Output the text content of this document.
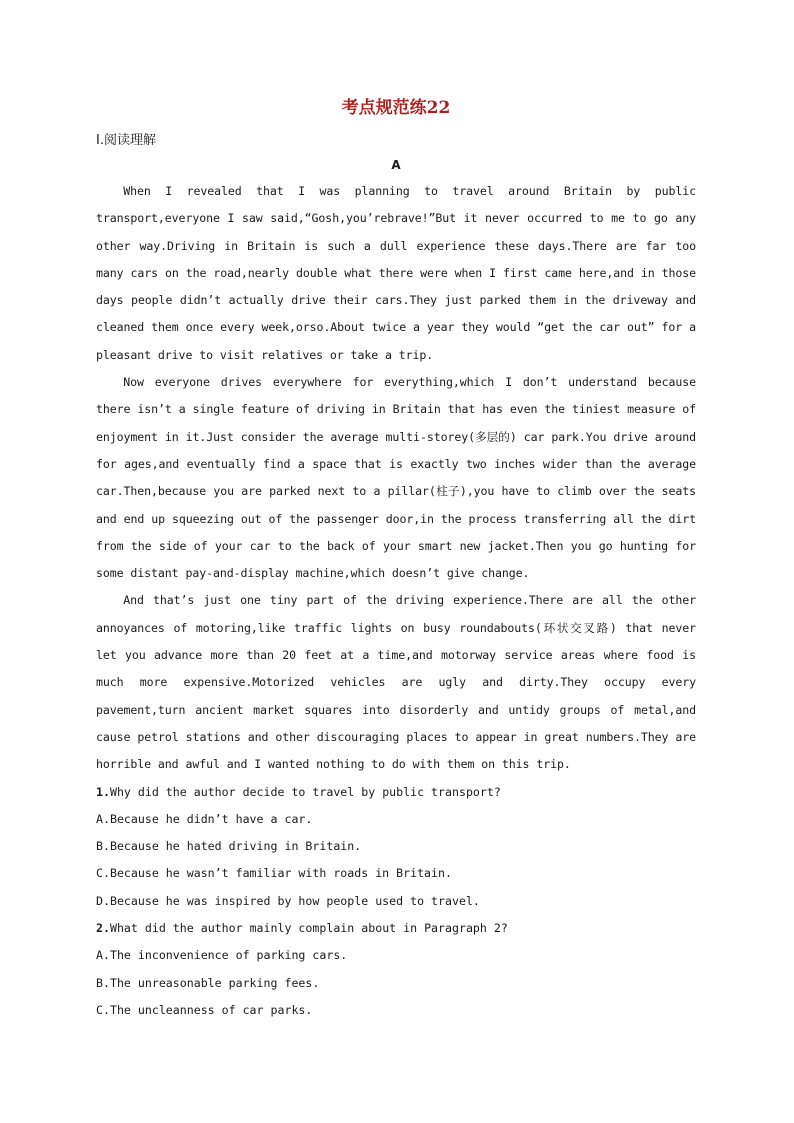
考点规范练22
Ⅰ.阅读理解
A

When I revealed that I was planning to travel around Britain by public transport,everyone I saw said,“Gosh,you’rebrave!”But it never occurred to me to go any other way.Driving in Britain is such a dull experience these days.There are far too many cars on the road,nearly double what there were when I first came here,and in those days people didn’t actually drive their cars.They just parked them in the driveway and cleaned them once every week,orso.About twice a year they would “get the car out” for a pleasant drive to visit relatives or take a trip.

Now everyone drives everywhere for everything,which I don’t understand because there isn’t a single feature of driving in Britain that has even the tiniest measure of enjoyment in it.Just consider the average multi-storey(多层的) car park.You drive around for ages,and eventually find a space that is exactly two inches wider than the average car.Then,because you are parked next to a pillar(柱子),you have to climb over the seats and end up squeezing out of the passenger door,in the process transferring all the dirt from the side of your car to the back of your smart new jacket.Then you go hunting for some distant pay-and-display machine,which doesn’t give change.

And that’s just one tiny part of the driving experience.There are all the other annoyances of motoring,like traffic lights on busy roundabouts(环状交叉路) that never let you advance more than 20 feet at a time,and motorway service areas where food is much more expensive.Motorized vehicles are ugly and dirty.They occupy every pavement,turn ancient market squares into disorderly and untidy groups of metal,and cause petrol stations and other discouraging places to appear in great numbers.They are horrible and awful and I wanted nothing to do with them on this trip.

1.Why did the author decide to travel by public transport?

A.Because he didn’t have a car.

B.Because he hated driving in Britain.

C.Because he wasn’t familiar with roads in Britain.

D.Because he was inspired by how people used to travel.

2.What did the author mainly complain about in Paragraph 2?

A.The inconvenience of parking cars.

B.The unreasonable parking fees.

C.The uncleanness of car parks.
